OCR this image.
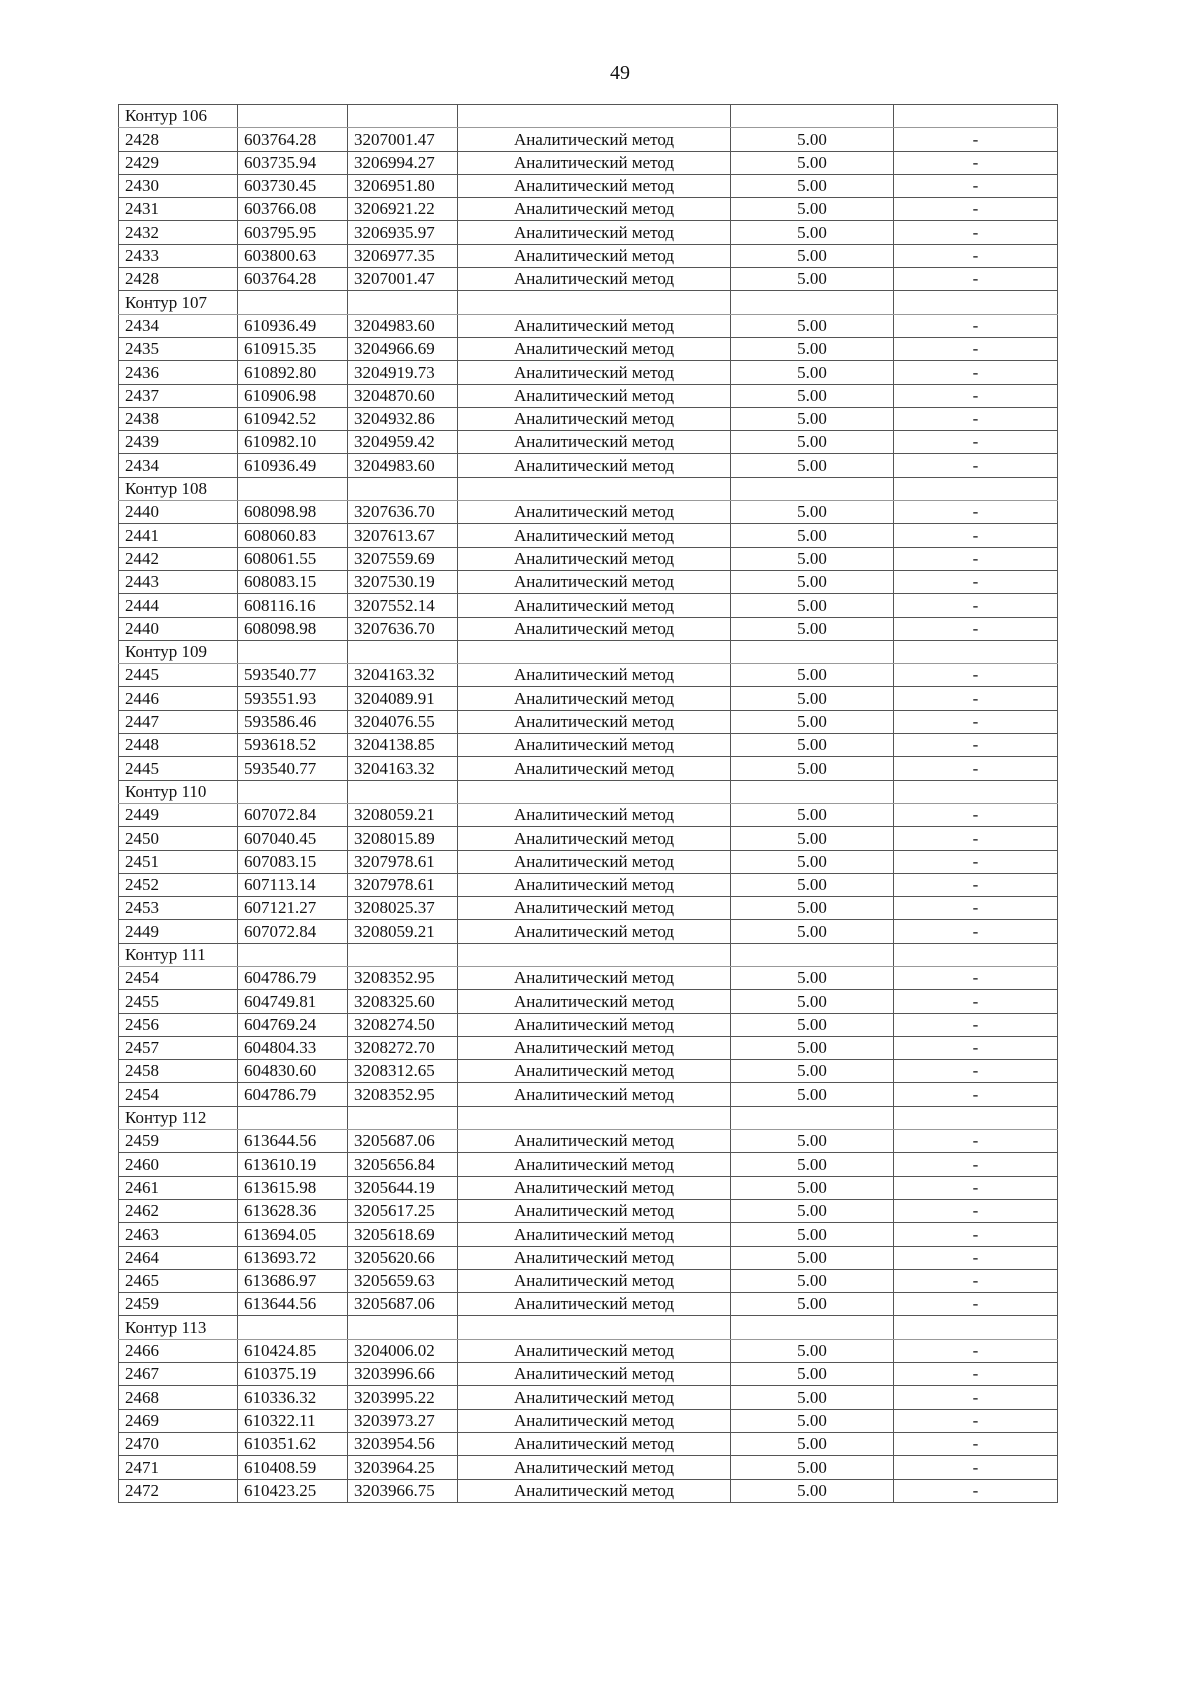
49
Контур 106					
2428	603764.28	3207001.47	Аналитический метод	5.00	-
2429	603735.94	3206994.27	Аналитический метод	5.00	-
2430	603730.45	3206951.80	Аналитический метод	5.00	-
2431	603766.08	3206921.22	Аналитический метод	5.00	-
2432	603795.95	3206935.97	Аналитический метод	5.00	-
2433	603800.63	3206977.35	Аналитический метод	5.00	-
2428	603764.28	3207001.47	Аналитический метод	5.00	-
Контур 107					
2434	610936.49	3204983.60	Аналитический метод	5.00	-
2435	610915.35	3204966.69	Аналитический метод	5.00	-
2436	610892.80	3204919.73	Аналитический метод	5.00	-
2437	610906.98	3204870.60	Аналитический метод	5.00	-
2438	610942.52	3204932.86	Аналитический метод	5.00	-
2439	610982.10	3204959.42	Аналитический метод	5.00	-
2434	610936.49	3204983.60	Аналитический метод	5.00	-
Контур 108					
2440	608098.98	3207636.70	Аналитический метод	5.00	-
2441	608060.83	3207613.67	Аналитический метод	5.00	-
2442	608061.55	3207559.69	Аналитический метод	5.00	-
2443	608083.15	3207530.19	Аналитический метод	5.00	-
2444	608116.16	3207552.14	Аналитический метод	5.00	-
2440	608098.98	3207636.70	Аналитический метод	5.00	-
Контур 109					
2445	593540.77	3204163.32	Аналитический метод	5.00	-
2446	593551.93	3204089.91	Аналитический метод	5.00	-
2447	593586.46	3204076.55	Аналитический метод	5.00	-
2448	593618.52	3204138.85	Аналитический метод	5.00	-
2445	593540.77	3204163.32	Аналитический метод	5.00	-
Контур 110					
2449	607072.84	3208059.21	Аналитический метод	5.00	-
2450	607040.45	3208015.89	Аналитический метод	5.00	-
2451	607083.15	3207978.61	Аналитический метод	5.00	-
2452	607113.14	3207978.61	Аналитический метод	5.00	-
2453	607121.27	3208025.37	Аналитический метод	5.00	-
2449	607072.84	3208059.21	Аналитический метод	5.00	-
Контур 111					
2454	604786.79	3208352.95	Аналитический метод	5.00	-
2455	604749.81	3208325.60	Аналитический метод	5.00	-
2456	604769.24	3208274.50	Аналитический метод	5.00	-
2457	604804.33	3208272.70	Аналитический метод	5.00	-
2458	604830.60	3208312.65	Аналитический метод	5.00	-
2454	604786.79	3208352.95	Аналитический метод	5.00	-
Контур 112					
2459	613644.56	3205687.06	Аналитический метод	5.00	-
2460	613610.19	3205656.84	Аналитический метод	5.00	-
2461	613615.98	3205644.19	Аналитический метод	5.00	-
2462	613628.36	3205617.25	Аналитический метод	5.00	-
2463	613694.05	3205618.69	Аналитический метод	5.00	-
2464	613693.72	3205620.66	Аналитический метод	5.00	-
2465	613686.97	3205659.63	Аналитический метод	5.00	-
2459	613644.56	3205687.06	Аналитический метод	5.00	-
Контур 113					
2466	610424.85	3204006.02	Аналитический метод	5.00	-
2467	610375.19	3203996.66	Аналитический метод	5.00	-
2468	610336.32	3203995.22	Аналитический метод	5.00	-
2469	610322.11	3203973.27	Аналитический метод	5.00	-
2470	610351.62	3203954.56	Аналитический метод	5.00	-
2471	610408.59	3203964.25	Аналитический метод	5.00	-
2472	610423.25	3203966.75	Аналитический метод	5.00	-
